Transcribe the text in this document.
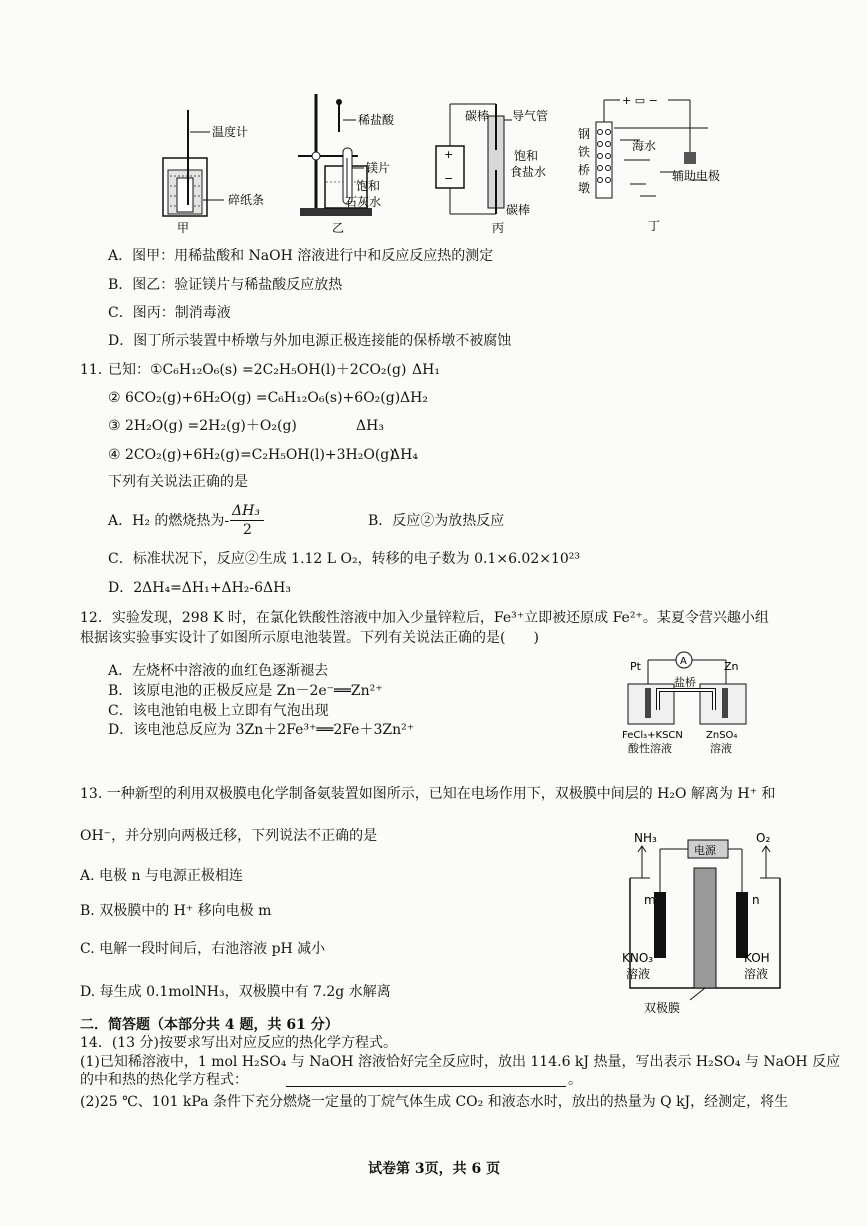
温度计
碎纸条
甲
稀盐酸
镁片
饱和
石灰水
乙
+
−
碳棒 导气管
饱和
食盐水
碳棒
丙
+ ▭ −
钢
铁
桥
墩
海水
辅助电极
丁
A．图甲：用稀盐酸和 NaOH 溶液进行中和反应反应热的测定
B．图乙：验证镁片与稀盐酸反应放热
C．图丙：制消毒液
D．图丁所示装置中桥墩与外加电源正极连接能的保桥墩不被腐蚀
11．
已知： ①C₆H₁₂O₆(s) =2C₂H₅OH(l)＋2CO₂(g) ΔH₁
② 6CO₂(g)+6H₂O(g) =C₆H₁₂O₆(s)+6O₂(g) ΔH₂
③ 2H₂O(g) =2H₂(g)＋O₂(g)	ΔH₃
④ 2CO₂(g)+6H₂(g)=C₂H₅OH(l)+3H₂O(g)
ΔH₄
下列有关说法正确的是
A．H₂ 的燃烧热为-
ΔH₃
2
B．反应②为放热反应
C．标准状况下，反应②生成 1.12 L O₂，转移的电子数为 0.1×6.02×10²³
D．2ΔH₄=ΔH₁+ΔH₂-6ΔH₃
12．实验发现，298 K 时，在氯化铁酸性溶液中加入少量锌粒后，Fe³⁺立即被还原成 Fe²⁺。某夏令营兴趣小组
根据该实验事实设计了如图所示原电池装置。下列有关说法正确的是(　　)
A．左烧杯中溶液的血红色逐渐褪去
B．该原电池的正极反应是 Zn－2e⁻══Zn²⁺
C．该电池铂电极上立即有气泡出现
D．该电池总反应为 3Zn＋2Fe³⁺══2Fe＋3Zn²⁺
A
盐桥
Pt	Zn
FeCl₃+KSCN
酸性溶液
ZnSO₄
溶液
13. 一种新型的利用双极膜电化学制备氨装置如图所示，已知在电场作用下，双极膜中间层的 H₂O 解离为 H⁺ 和
OH⁻，并分别向两极迁移，下列说法不正确的是
A. 电极 n 与电源正极相连
B. 双极膜中的 H⁺ 移向电极 m
C. 电解一段时间后，右池溶液 pH 减小
D. 每生成 0.1molNH₃，双极膜中有 7.2g 水解离
NH₃	O₂
电源
m	n
KNO₃
溶液
KOH
溶液
双极膜
二．简答题（本部分共 4 题，共 61 分）
14．(13 分)按要求写出对应反应的热化学方程式。
(1)已知稀溶液中，1 mol H₂SO₄ 与 NaOH 溶液恰好完全反应时，放出 114.6 kJ 热量，写出表示 H₂SO₄ 与 NaOH 反应
的中和热的热化学方程式：	。
(2)25 ℃、101 kPa 条件下充分燃烧一定量的丁烷气体生成 CO₂ 和液态水时，放出的热量为 Q kJ，经测定，将生
试卷第 3页，共 6 页
